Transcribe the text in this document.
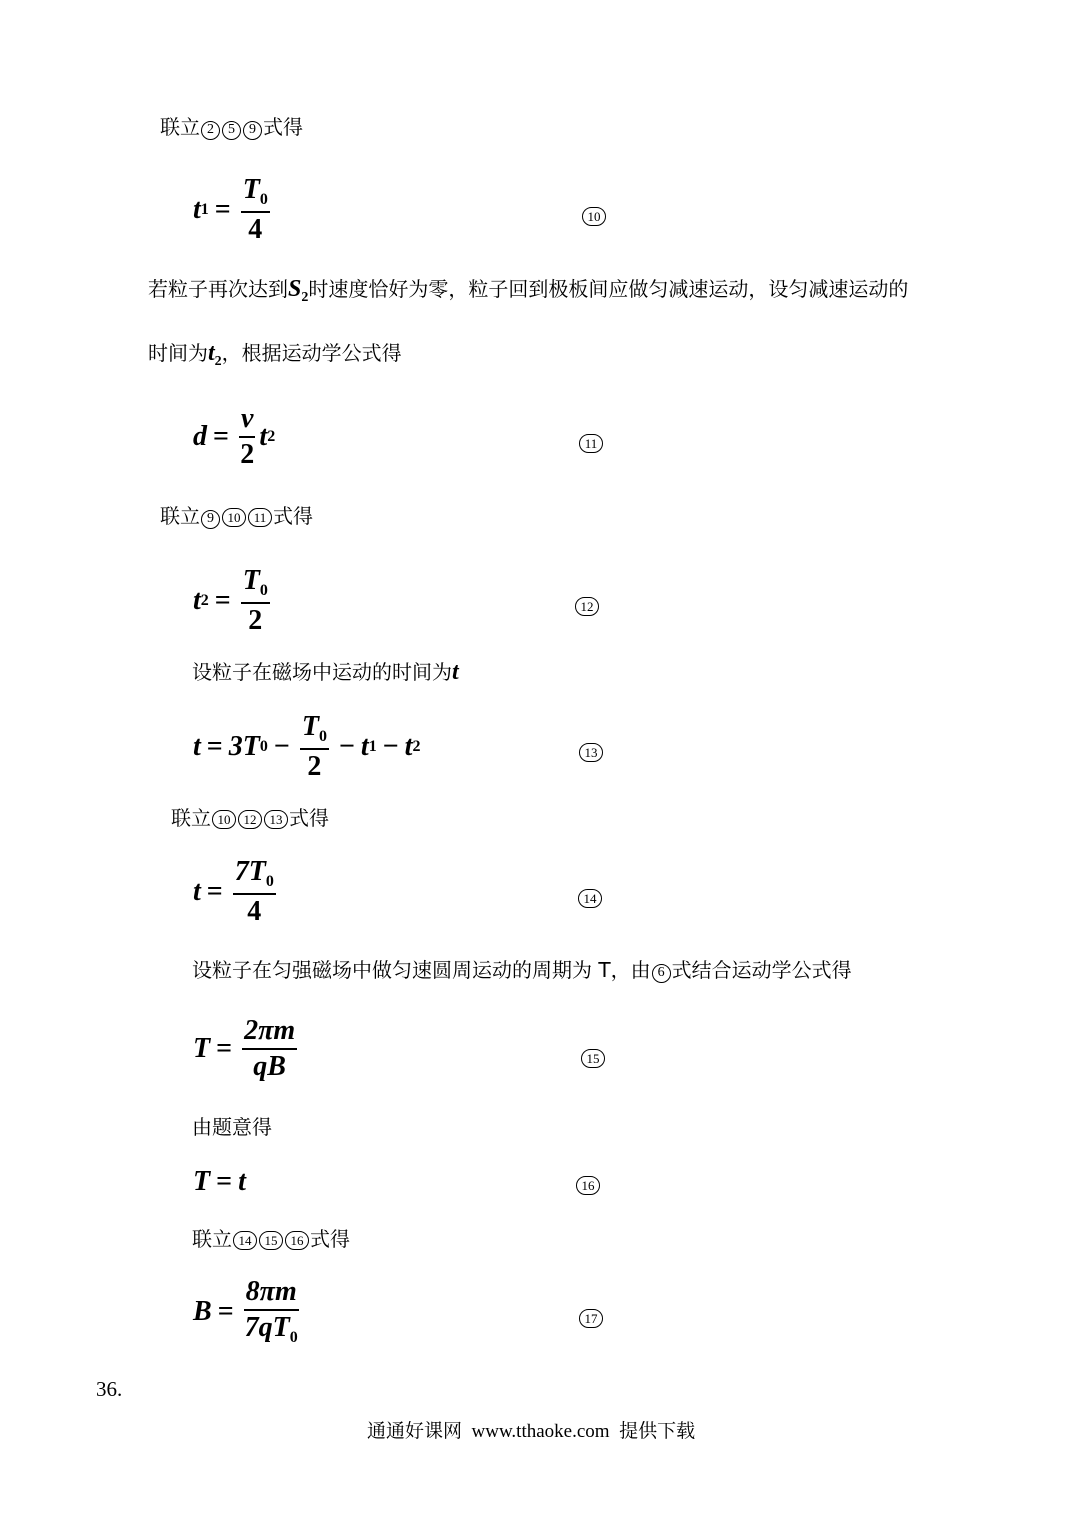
联立 2 5 9 式得
t $1 = \frac{T_0}{4}$	10
若粒子再次达到$S_2$时速度恰好为零，粒子回到极板间应做匀减速运动，设匀减速运动的
时间为$t_2$，根据运动学公式得
$d = \frac{v}{2}$ t 2	11
联立 9 10 11 式得
t $2 = \frac{T_0}{2}$	12
设粒子在磁场中运动的时间为t
t = 3T $0 - \frac{T_0}{2} - t$ 1 − t 2	13
联立 10 12 13 式得
$t = \frac{7T_0}{4}$	14
设粒子在匀强磁场中做匀速圆周运动的周期为 T，由 6 式结合运动学公式得
$T = \frac{2\pi m}{qB}$	15
由题意得
T = t	16
联立 14 15 16 式得
$B = \frac{8\pi m}{7qT_0}$	17
36.
通通好课网  www.tthaoke.com  提供下载
